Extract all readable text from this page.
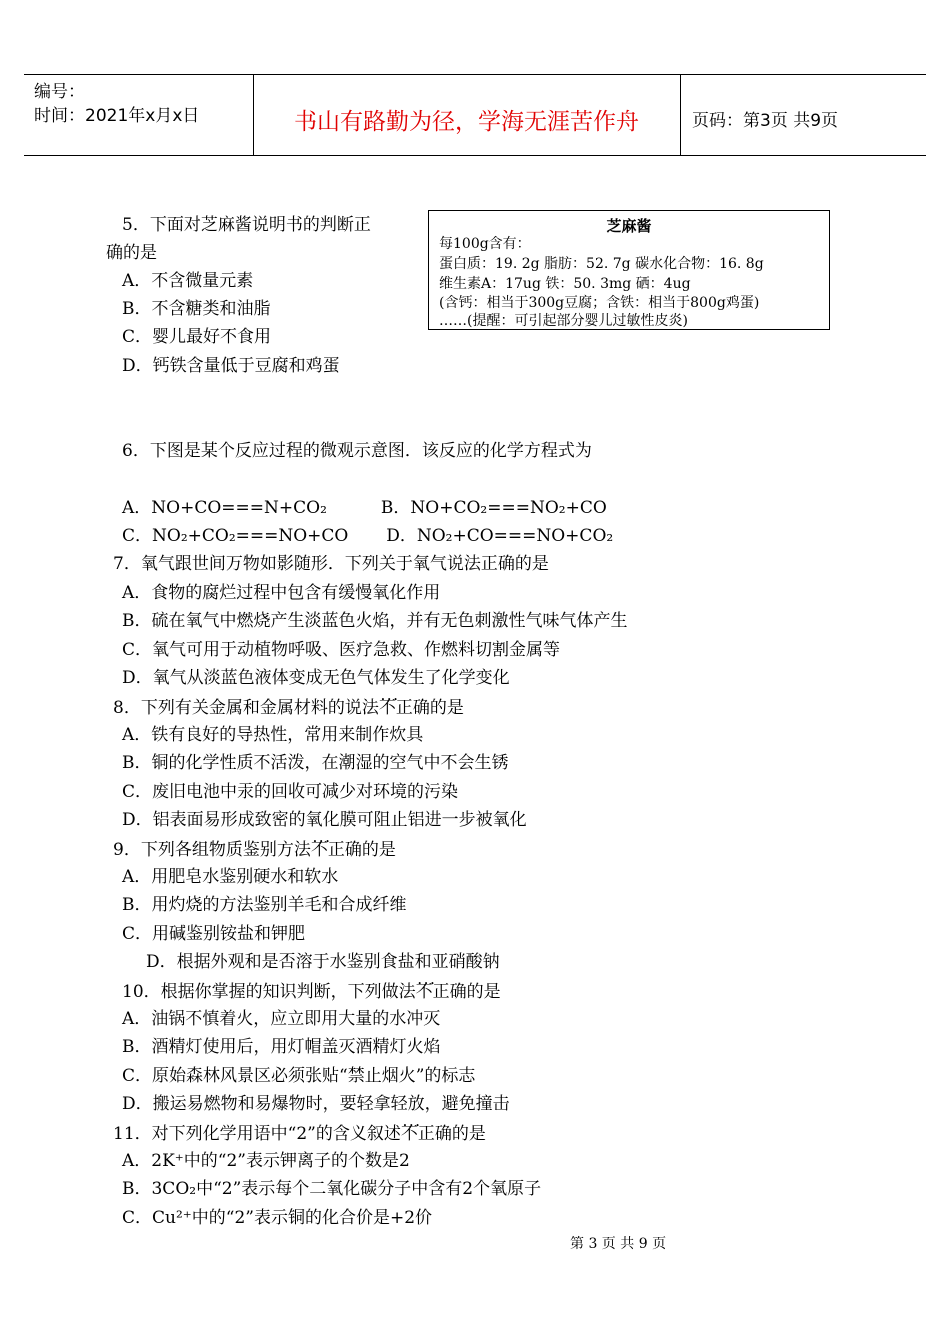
编号：
时间：2021年x月x日	书山有路勤为径，学海无涯苦作舟	页码：第3页 共9页
5．下面对芝麻酱说明书的判断正
确的是
A．不含微量元素
B．不含糖类和油脂
C．婴儿最好不食用
D．钙铁含量低于豆腐和鸡蛋
芝麻酱
每100g含有：
蛋白质：19. 2g 脂肪：52. 7g 碳水化合物：16. 8g
维生素A：17ug 铁：50. 3mg 硒：4ug
(含钙：相当于300g豆腐；含铁：相当于800g鸡蛋)
……(提醒：可引起部分婴儿过敏性皮炎)
6．下图是某个反应过程的微观示意图．该反应的化学方程式为
A．NO+CO===N+CO₂          B．NO+CO₂===NO₂+CO
C．NO₂+CO₂===NO+CO       D．NO₂+CO===NO+CO₂
7．氧气跟世间万物如影随形．下列关于氧气说法正确的是
A．食物的腐烂过程中包含有缓慢氧化作用
B．硫在氧气中燃烧产生淡蓝色火焰，并有无色刺激性气味气体产生
C．氧气可用于动植物呼吸、医疗急救、作燃料切割金属等
D．氧气从淡蓝色液体变成无色气体发生了化学变化
8．下列有关金属和金属材料的说法不正确 • • •的是
A．铁有良好的导热性，常用来制作炊具
B．铜的化学性质不活泼，在潮湿的空气中不会生锈
C．废旧电池中汞的回收可减少对环境的污染
D．铝表面易形成致密的氧化膜可阻止铝进一步被氧化
9．下列各组物质鉴别方法不正确 • • •的是
A．用肥皂水鉴别硬水和软水
B．用灼烧的方法鉴别羊毛和合成纤维
C．用碱鉴别铵盐和钾肥
D．根据外观和是否溶于水鉴别食盐和亚硝酸钠
10．根据你掌握的知识判断，下列做法不正确 • • •的是
A．油锅不慎着火，应立即用大量的水冲灭
B．酒精灯使用后，用灯帽盖灭酒精灯火焰
C．原始森林风景区必须张贴“禁止烟火”的标志
D．搬运易燃物和易爆物时，要轻拿轻放，避免撞击
11．对下列化学用语中“2”的含义叙述不正确 • • •的是
A．2K⁺中的“2”表示钾离子的个数是2
B．3CO₂中“2”表示每个二氧化碳分子中含有2个氧原子
C．Cu²⁺中的“2”表示铜的化合价是+2价
第 3 页 共 9 页
